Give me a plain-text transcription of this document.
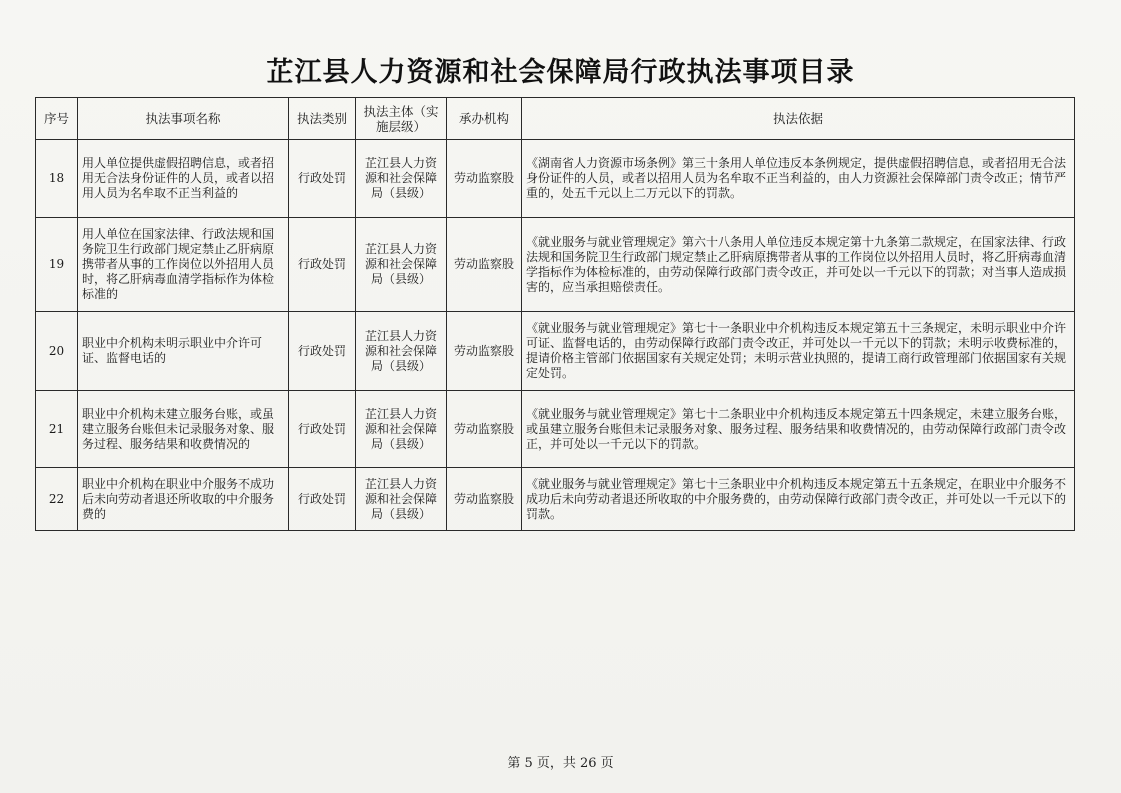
芷江县人力资源和社会保障局行政执法事项目录
序号	执法事项名称	执法类别	执法主体（实施层级）	承办机构	执法依据
18	用人单位提供虚假招聘信息，或者招用无合法身份证件的人员，或者以招用人员为名牟取不正当利益的	行政处罚	芷江县人力资源和社会保障局（县级）	劳动监察股	《湖南省人力资源市场条例》第三十条用人单位违反本条例规定，提供虚假招聘信息，或者招用无合法身份证件的人员，或者以招用人员为名牟取不正当利益的，由人力资源社会保障部门责令改正；情节严重的，处五千元以上二万元以下的罚款。
19	用人单位在国家法律、行政法规和国务院卫生行政部门规定禁止乙肝病原携带者从事的工作岗位以外招用人员时，将乙肝病毒血清学指标作为体检标准的	行政处罚	芷江县人力资源和社会保障局（县级）	劳动监察股	《就业服务与就业管理规定》第六十八条用人单位违反本规定第十九条第二款规定，在国家法律、行政法规和国务院卫生行政部门规定禁止乙肝病原携带者从事的工作岗位以外招用人员时，将乙肝病毒血清学指标作为体检标准的，由劳动保障行政部门责令改正，并可处以一千元以下的罚款；对当事人造成损害的，应当承担赔偿责任。
20	职业中介机构未明示职业中介许可证、监督电话的	行政处罚	芷江县人力资源和社会保障局（县级）	劳动监察股	《就业服务与就业管理规定》第七十一条职业中介机构违反本规定第五十三条规定，未明示职业中介许可证、监督电话的，由劳动保障行政部门责令改正，并可处以一千元以下的罚款；未明示收费标准的，提请价格主管部门依据国家有关规定处罚；未明示营业执照的，提请工商行政管理部门依据国家有关规定处罚。
21	职业中介机构未建立服务台账，或虽建立服务台账但未记录服务对象、服务过程、服务结果和收费情况的	行政处罚	芷江县人力资源和社会保障局（县级）	劳动监察股	《就业服务与就业管理规定》第七十二条职业中介机构违反本规定第五十四条规定，未建立服务台账，或虽建立服务台账但未记录服务对象、服务过程、服务结果和收费情况的，由劳动保障行政部门责令改正，并可处以一千元以下的罚款。
22	职业中介机构在职业中介服务不成功后未向劳动者退还所收取的中介服务费的	行政处罚	芷江县人力资源和社会保障局（县级）	劳动监察股	《就业服务与就业管理规定》第七十三条职业中介机构违反本规定第五十五条规定，在职业中介服务不成功后未向劳动者退还所收取的中介服务费的，由劳动保障行政部门责令改正，并可处以一千元以下的罚款。
第 5 页，共 26 页
